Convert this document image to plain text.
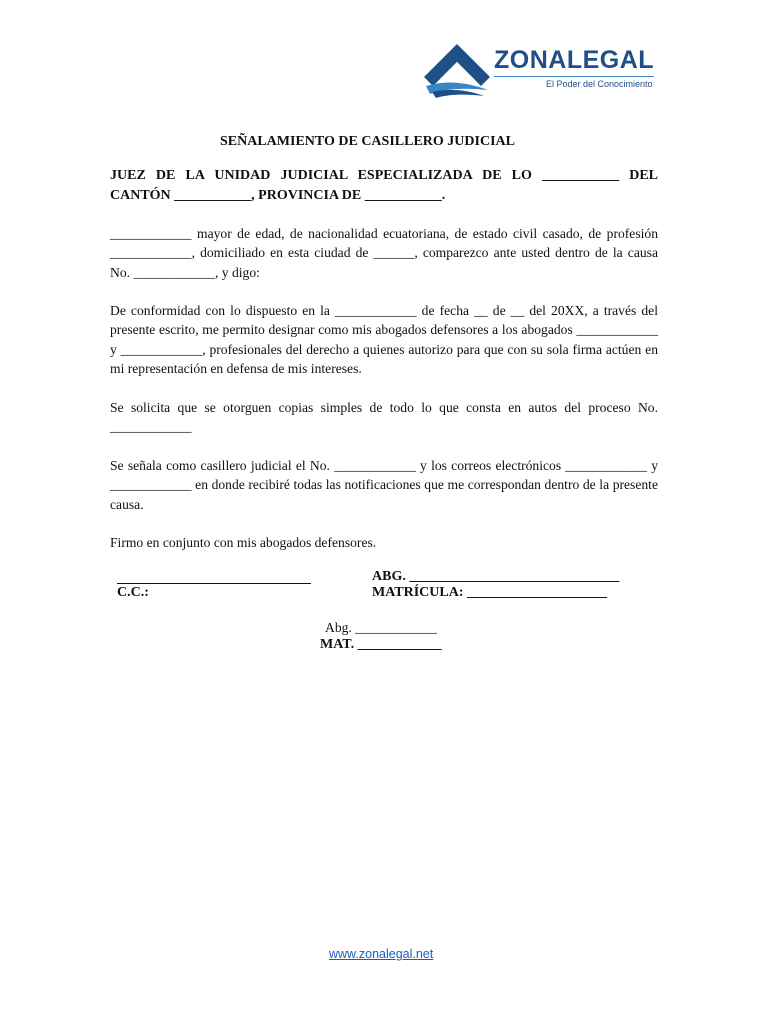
ZONALEGAL
El Poder del Conocimiento
SEÑALAMIENTO DE CASILLERO JUDICIAL
JUEZ DE LA UNIDAD JUDICIAL ESPECIALIZADA DE LO ___________ DEL CANTÓN ___________, PROVINCIA DE ___________.
____________ mayor de edad, de nacionalidad ecuatoriana, de estado civil casado, de profesión ____________, domiciliado en esta ciudad de ______, comparezco ante usted dentro de la causa No. ____________, y digo:
De conformidad con lo dispuesto en la ____________ de fecha __ de __ del 20XX, a través del presente escrito, me permito designar como mis abogados defensores a los abogados ____________ y ____________, profesionales del derecho a quienes autorizo para que con su sola firma actúen en mi representación en defensa de mis intereses.
Se solicita que se otorguen copias simples de todo lo que consta en autos del proceso No. ____________
Se señala como casillero judicial el No. ____________ y los correos electrónicos ____________ y ____________ en donde recibiré todas las notificaciones que me correspondan dentro de la presente causa.
Firmo en conjunto con mis abogados defensores.
C.C.:
ABG. ______________________________
MATRÍCULA: ____________________
Abg. ____________
MAT. ____________
www.zonalegal.net
